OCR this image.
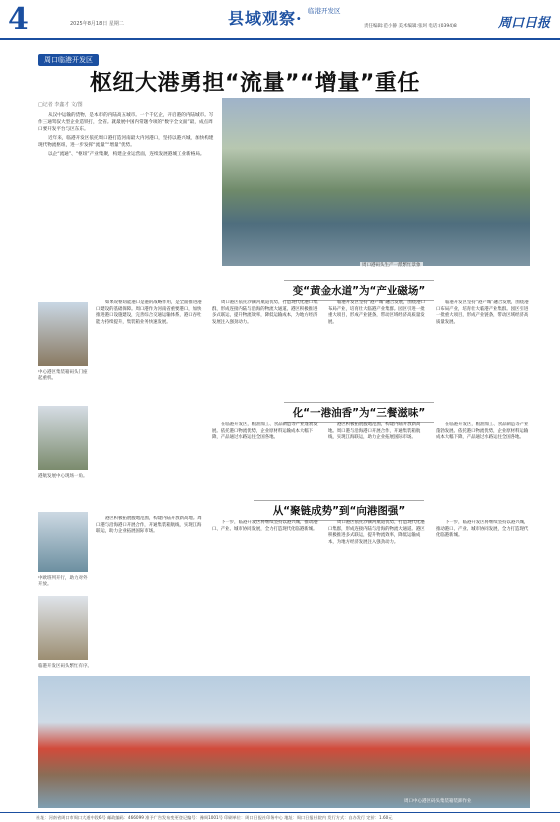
4	2025年8月18日 星期二	县域观察· 临港开发区
责任编辑:范小静 美术编辑:张珂 电话:(0394)8	周口日报
周口临港开发区
枢纽大港勇担“流量”“增量”重任
□记者 李鑫才 文/图

从汉中运输的货物，是本市的内陆高五城市。一个千亿企，开启港的内陆城市。写作三通驾驭大型企业造铁打，全省。就最展中国内常题今项的“数字全文面”最，成点周口要开发平台与区东东。

近年来，临港开发区依托周口港打造河南最大内河港口，坚持以港兴城，加快构建现代物流枢纽，进一步发挥“流量”“增量”优势。

以企“流通”、“枢纽”产业集聚，构建企业运营面，连续发展港城工业新格局。

周口港码头生产一派繁忙景象
中心港区集装箱码头门座起重机。
港航发展中心现场一角。
中欧班列开行，助力对外开放。
临港开发区码头繁忙有序。
变“黄金水道”为“产业磁场”
如果说枢纽能港口是港的战略作用，是全面推进港口建设的基础保障。周口港作为河南省重要港口，加快推进港口设施建设，完善综合交通运输体系，港口吞吐能力持续提升，集装箱业务快速发展。
周口港区依托沙颍河航道优势，打造现代化港口集群，形成连接内陆与沿海的物流大通道。港区积极推进多式联运，提升物流效率，降低运输成本，为地方经济发展注入强劲动力。
临港开发区坚持“港产城”融合发展，围绕港口布局产业，培育壮大临港产业集群。园区引进一批重大项目，形成产业链条，带动区域经济高质量发展。
临港开发区坚持“港产城”融合发展，围绕港口布局产业，培育壮大临港产业集群。园区引进一批重大项目，形成产业链条，带动区域经济高质量发展。
化“一港油香”为“三餐滋味”
在临港开发区，粮油加工、食品制造等产业蓬勃发展。依托港口物流优势，企业原材料运输成本大幅下降，产品通过水路运往全国各地。
港区积极拓展腹地范围，构建内陆开放新高地。周口港与沿海港口开展合作，开通集装箱航线，实现江海联运，助力企业拓展国际市场。
在临港开发区，粮油加工、食品制造等产业蓬勃发展。依托港口物流优势，企业原材料运输成本大幅下降，产品通过水路运往全国各地。
从“聚链成势”到“向港图强”
港区积极拓展腹地范围，构建内陆开放新高地。周口港与沿海港口开展合作，开通集装箱航线，实现江海联运，助力企业拓展国际市场。
下一步，临港开发区将继续坚持以港兴城，推动港口、产业、城市协同发展，全力打造现代化临港新城。
周口港区依托沙颍河航道优势，打造现代化港口集群，形成连接内陆与沿海的物流大通道。港区积极推进多式联运，提升物流效率，降低运输成本，为地方经济发展注入强劲动力。
下一步，临港开发区将继续坚持以港兴城，推动港口、产业、城市协同发展，全力打造现代化临港新城。
周口中心港区码头集装箱装卸作业
社址：河南省周口市周口大道中段6号 邮政编码：466099 准予广告发布变更登记编号：豫周1001号 印刷单位：周口日报社印务中心 地址：周口日报社院内 发行方式：自办发行 定价：1.60元
